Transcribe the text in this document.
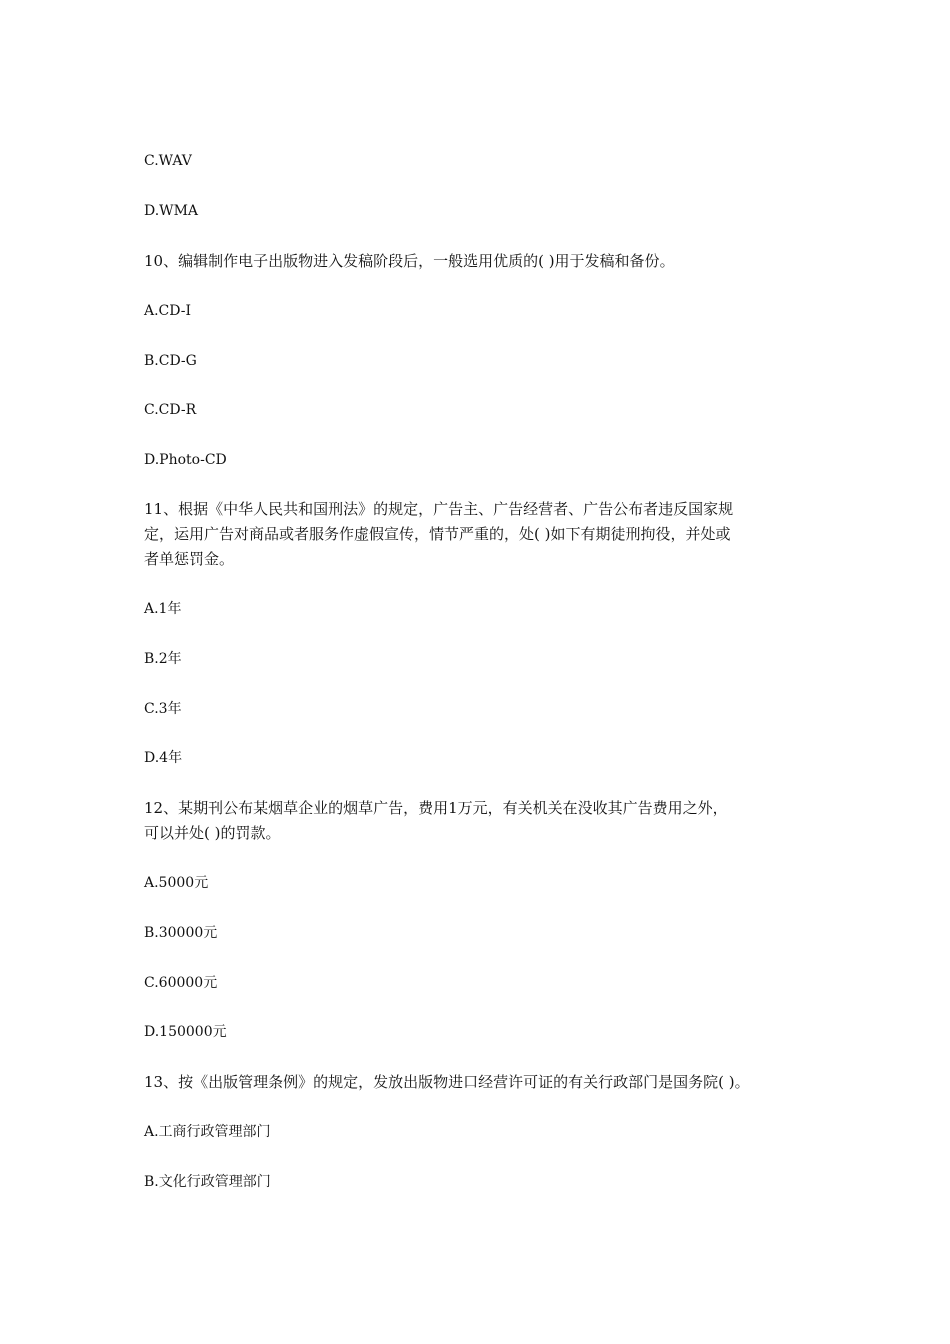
C.WAV
D.WMA
10、编辑制作电子出版物进入发稿阶段后，一般选用优质的( )用于发稿和备份。
A.CD-I
B.CD-G
C.CD-R
D.Photo-CD
11、根据《中华人民共和国刑法》的规定，广告主、广告经营者、广告公布者违反国家规
定，运用广告对商品或者服务作虚假宣传，情节严重的，处( )如下有期徒刑拘役，并处或
者单惩罚金。
A.1年
B.2年
C.3年
D.4年
12、某期刊公布某烟草企业的烟草广告，费用1万元，有关机关在没收其广告费用之外，
可以并处( )的罚款。
A.5000元
B.30000元
C.60000元
D.150000元
13、按《出版管理条例》的规定，发放出版物进口经营许可证的有关行政部门是国务院( )。
A.工商行政管理部门
B.文化行政管理部门
